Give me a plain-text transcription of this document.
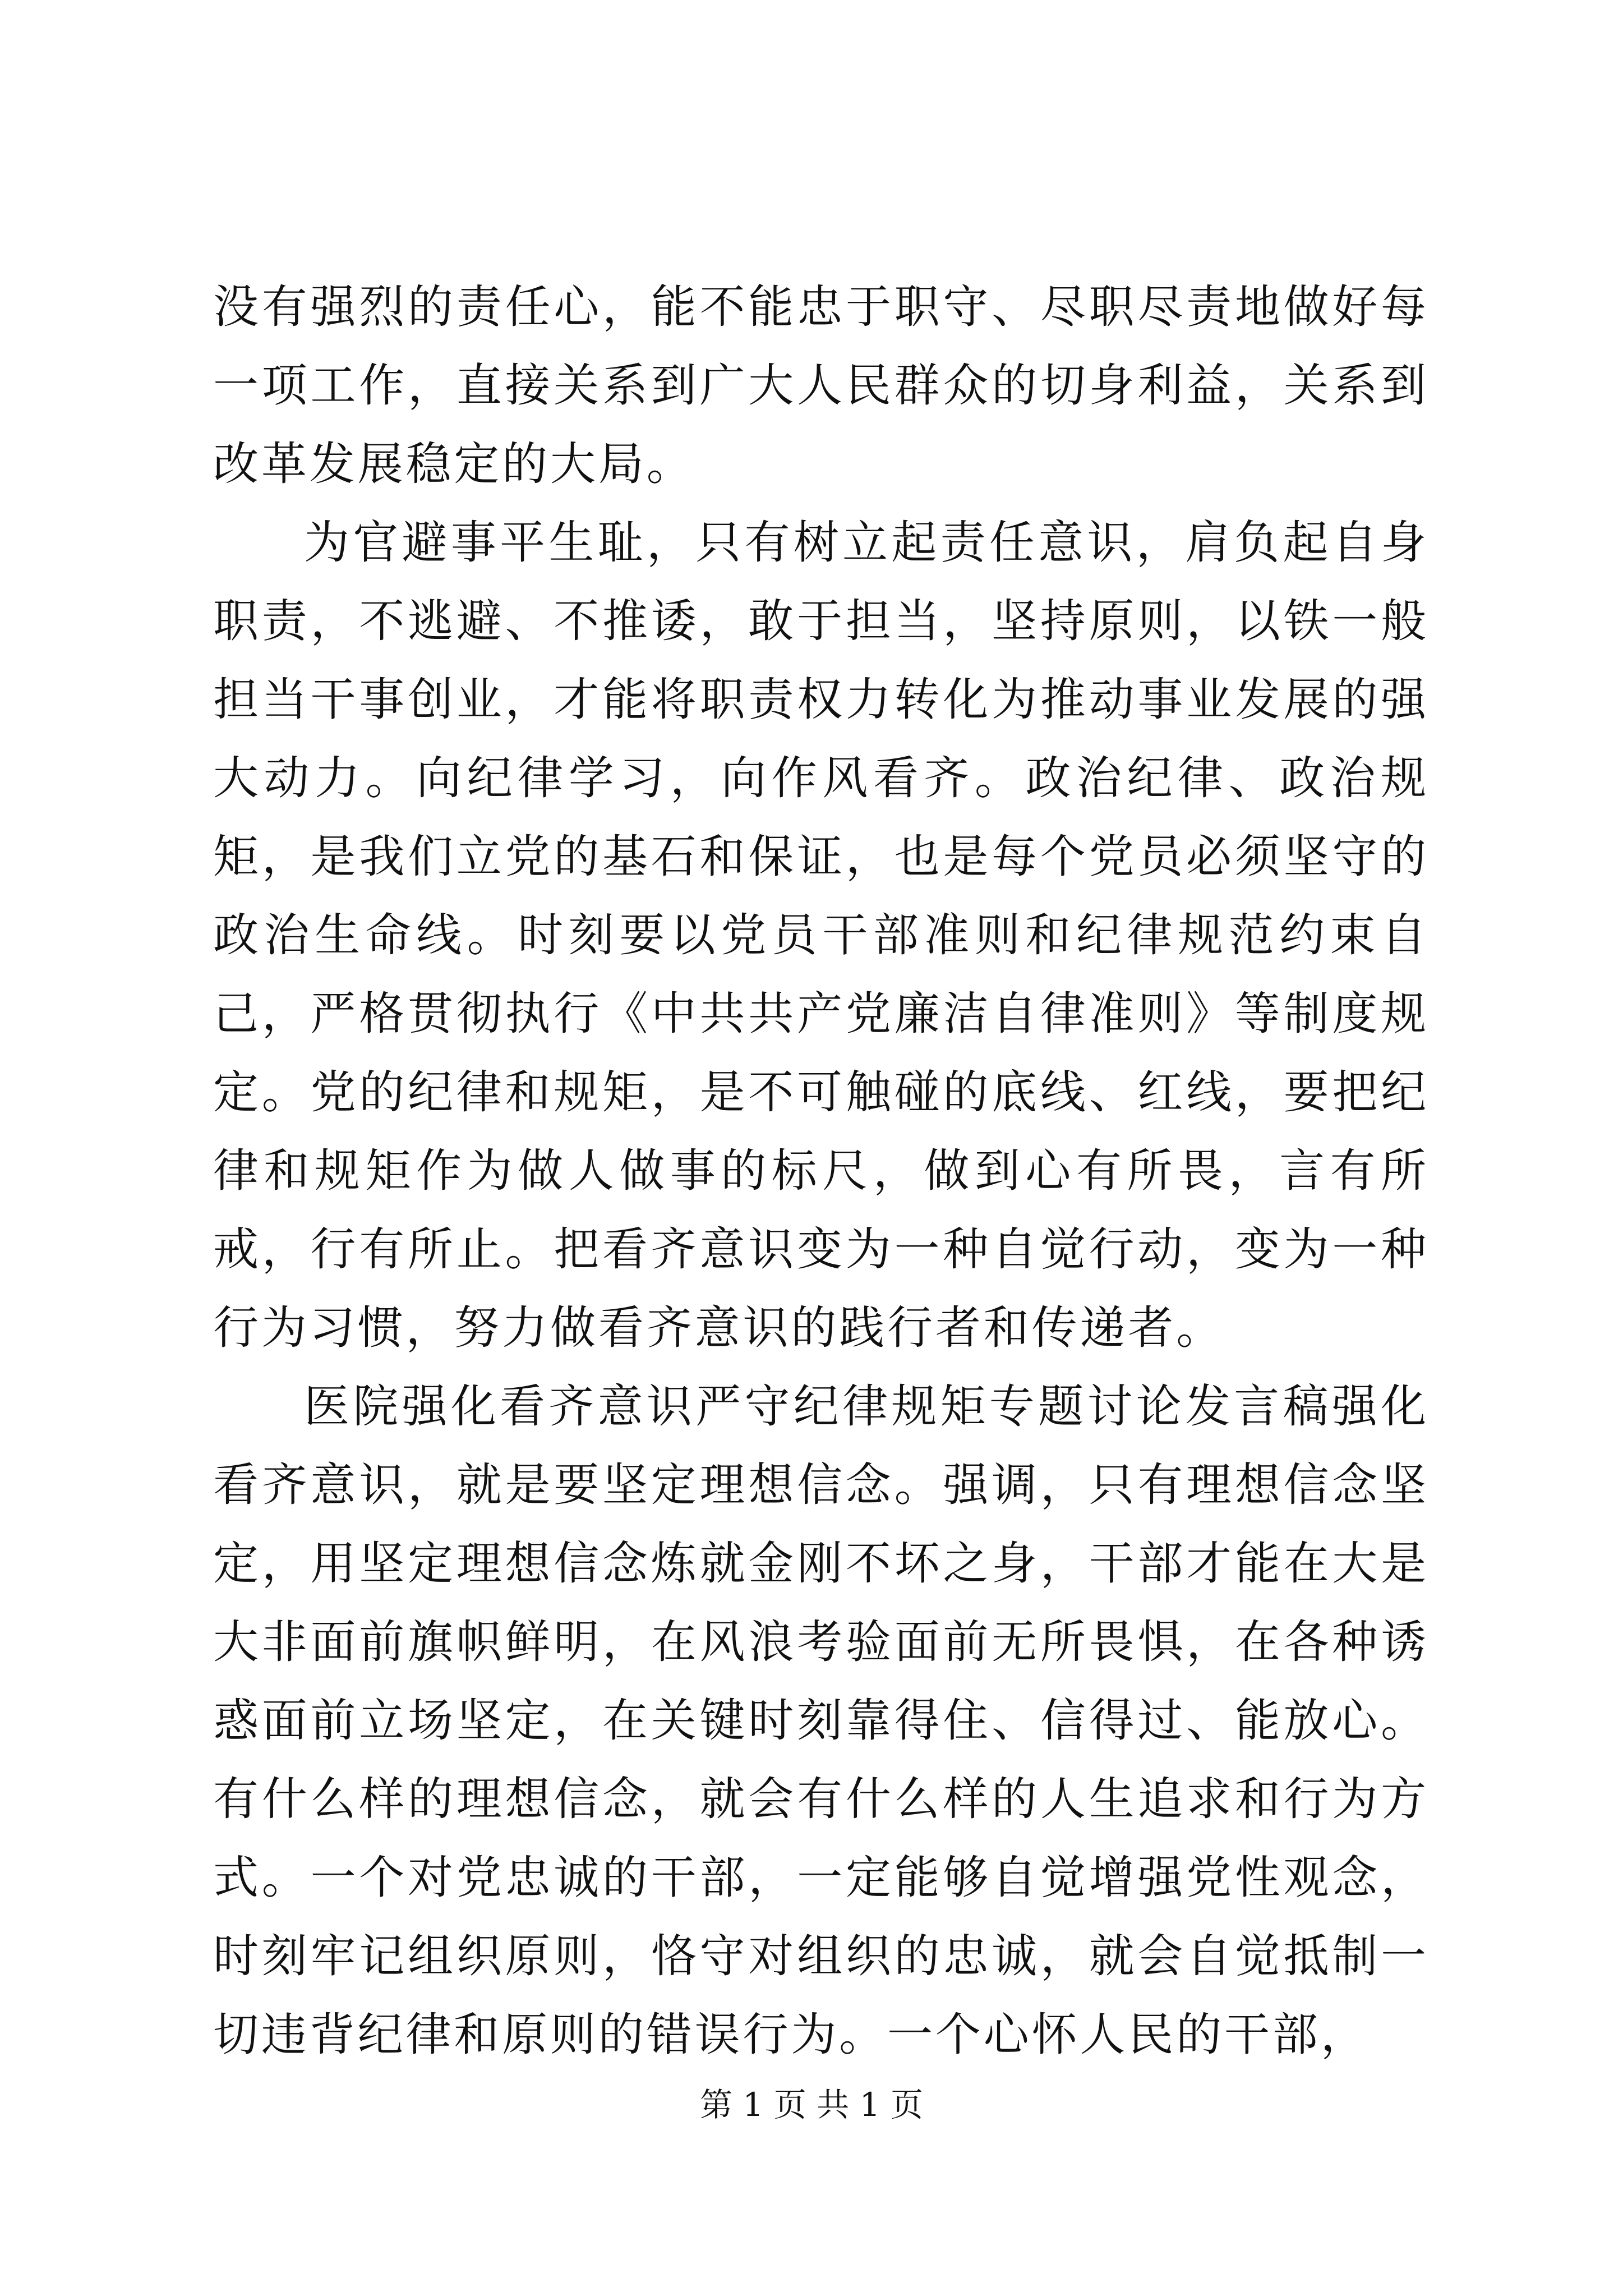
没有强烈的责任心，能不能忠于职守、尽职尽责地做好每一项工作，直接关系到广大人民群众的切身利益，关系到改革发展稳定的大局。

为官避事平生耻，只有树立起责任意识，肩负起自身职责，不逃避、不推诿，敢于担当，坚持原则，以铁一般担当干事创业，才能将职责权力转化为推动事业发展的强大动力。向纪律学习，向作风看齐。政治纪律、政治规矩，是我们立党的基石和保证，也是每个党员必须坚守的政治生命线。时刻要以党员干部准则和纪律规范约束自己，严格贯彻执行《中共共产党廉洁自律准则》等制度规定。党的纪律和规矩，是不可触碰的底线、红线，要把纪律和规矩作为做人做事的标尺，做到心有所畏，言有所戒，行有所止。把看齐意识变为一种自觉行动，变为一种行为习惯，努力做看齐意识的践行者和传递者。

医院强化看齐意识严守纪律规矩专题讨论发言稿强化看齐意识，就是要坚定理想信念。强调，只有理想信念坚定，用坚定理想信念炼就金刚不坏之身，干部才能在大是大非面前旗帜鲜明，在风浪考验面前无所畏惧，在各种诱惑面前立场坚定，在关键时刻靠得住、信得过、能放心。有什么样的理想信念，就会有什么样的人生追求和行为方式。一个对党忠诚的干部，一定能够自觉增强党性观念，时刻牢记组织原则，恪守对组织的忠诚，就会自觉抵制一切违背纪律和原则的错误行为。一个心怀人民的干部，

第 1 页 共 1 页
